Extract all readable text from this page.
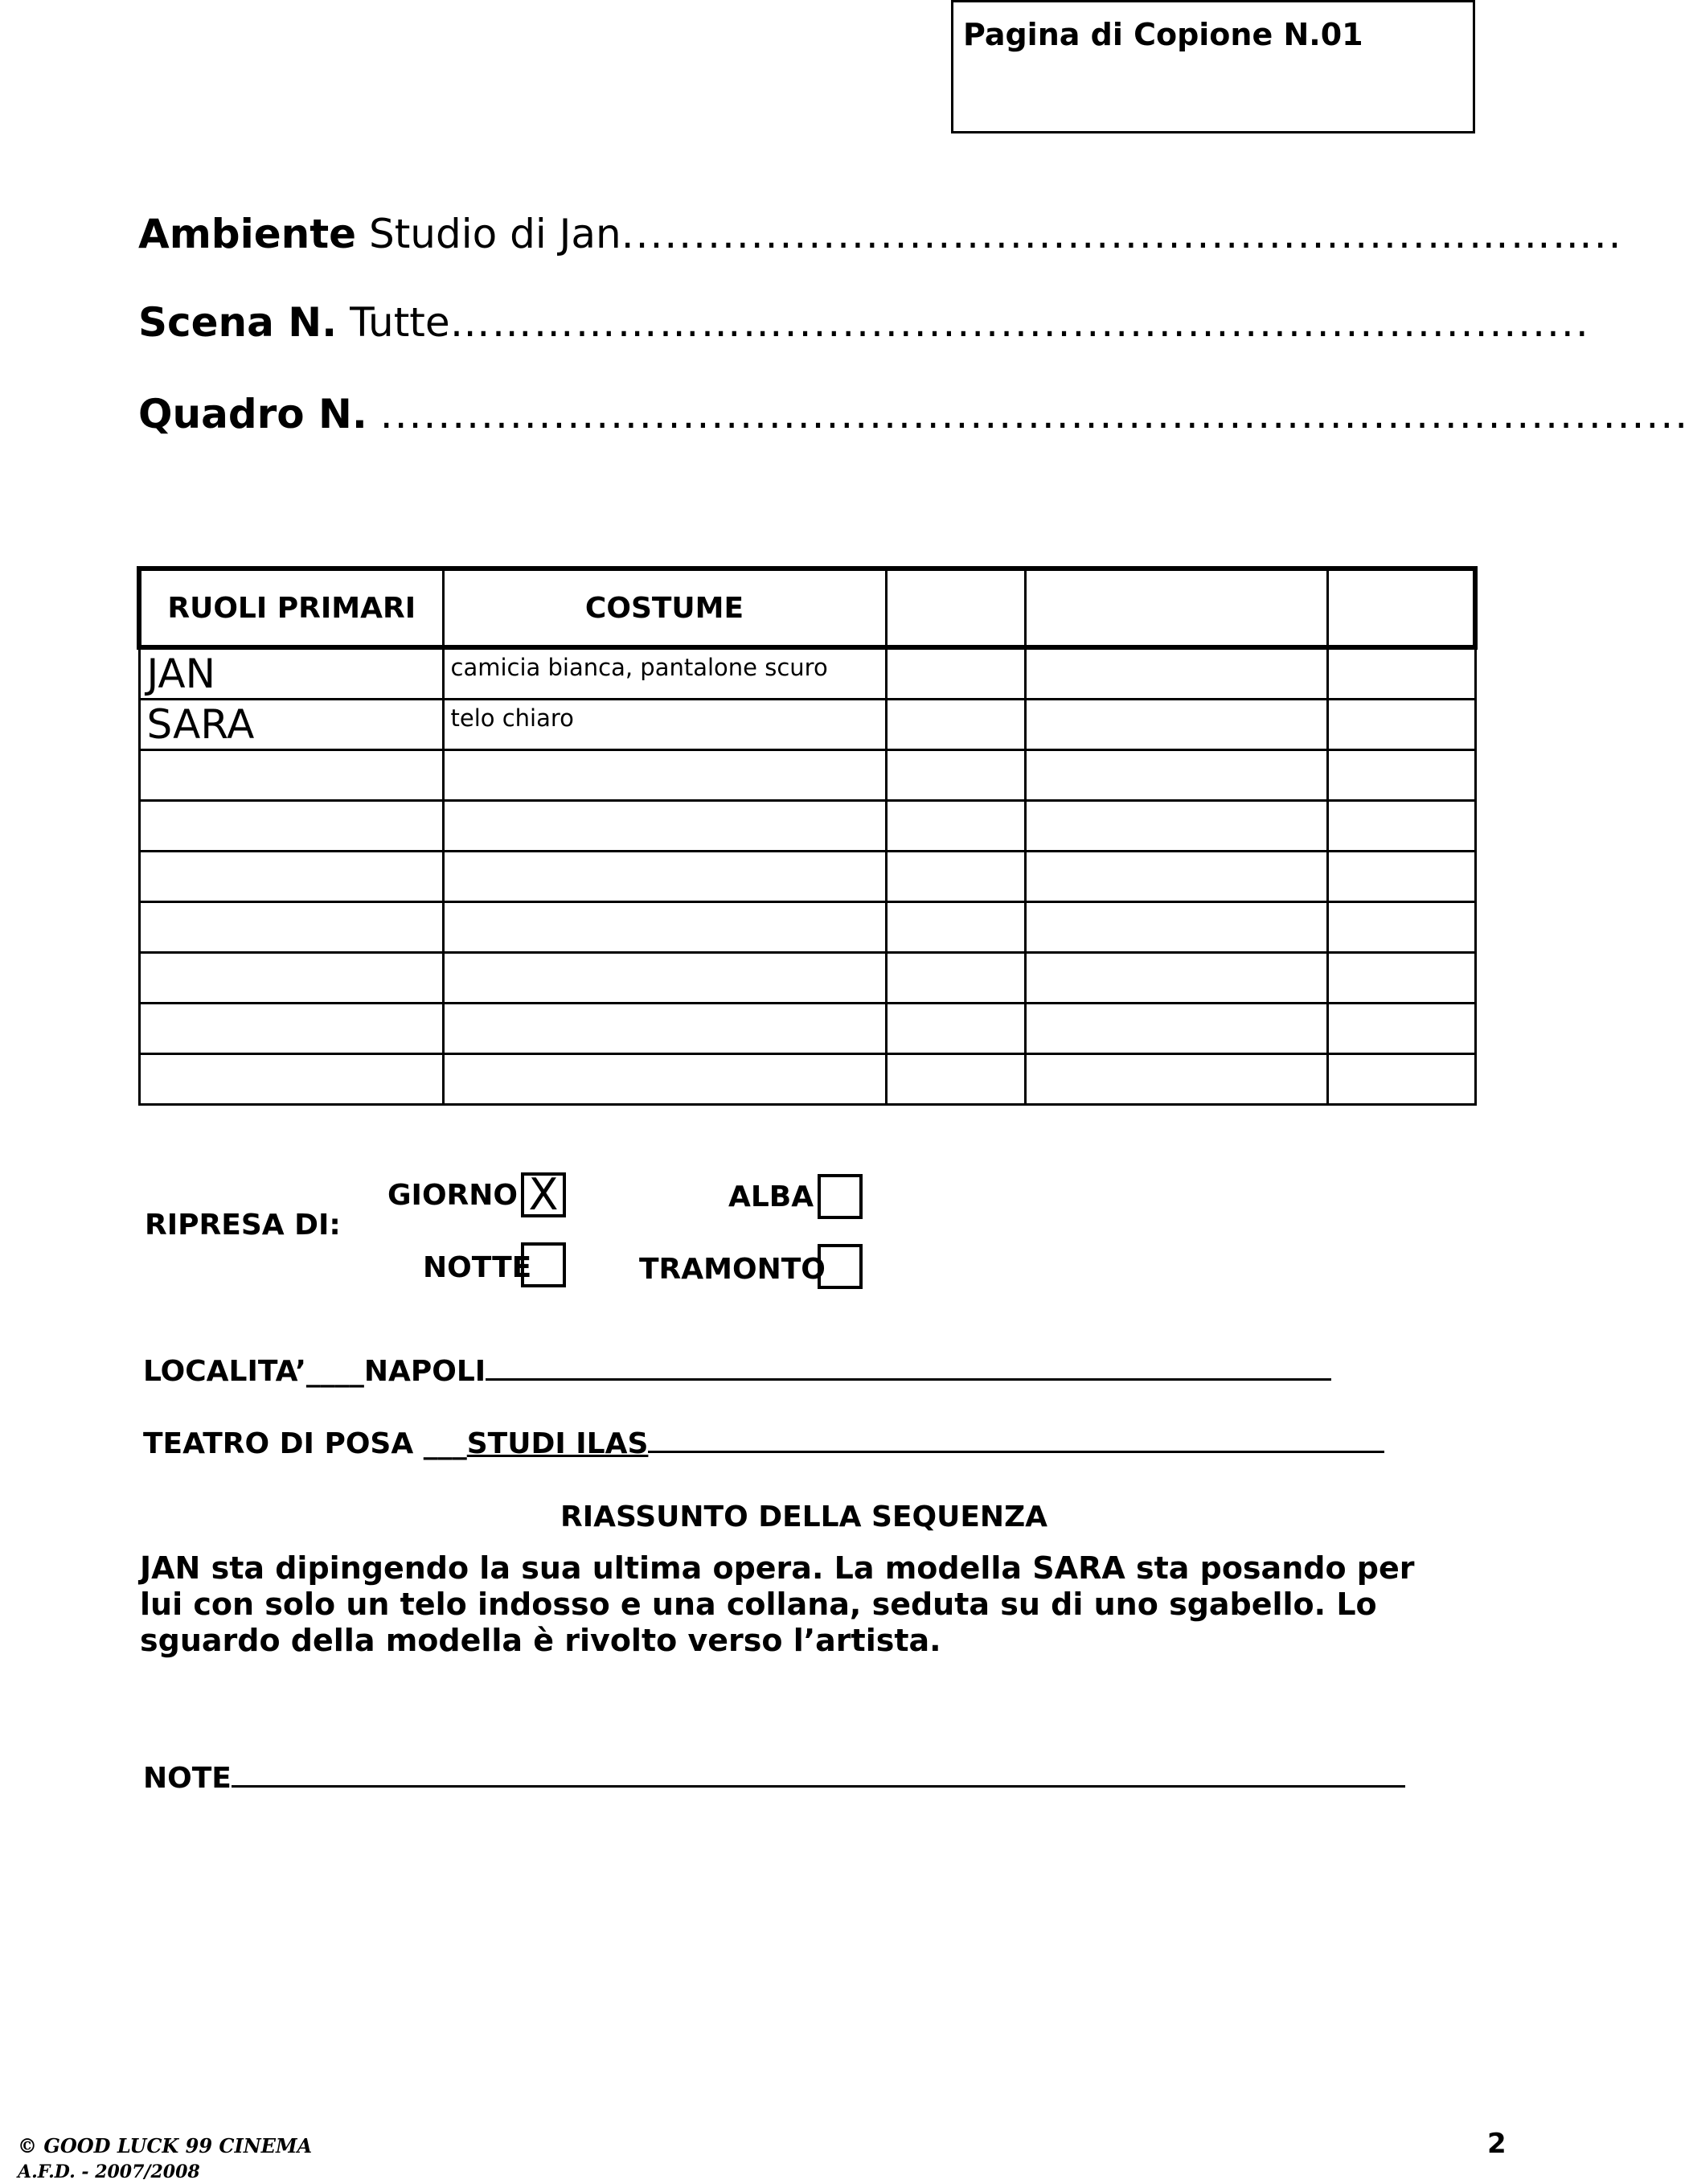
Pagina di Copione N.01
Ambiente Studio di Jan........................................................…………..
Scena N. Tutte……………………........................................................
Quadro N. ...........................................................................................
RUOLI PRIMARI	COSTUME			
JAN	camicia bianca, pantalone scuro			
SARA	telo chiaro			

RIPRESA DI:
GIORNO X
NOTTE
ALBA
TRAMONTO
LOCALITA’____NAPOLI
TEATRO DI POSA ___STUDI ILAS
RIASSUNTO DELLA SEQUENZA
JAN sta dipingendo la sua ultima opera. La modella SARA sta posando per lui con solo un telo indosso e una collana, seduta su di uno sgabello. Lo sguardo della modella è rivolto verso l’artista.
NOTE
© GOOD LUCK 99 CINEMA
A.F.D. - 2007/2008
2
